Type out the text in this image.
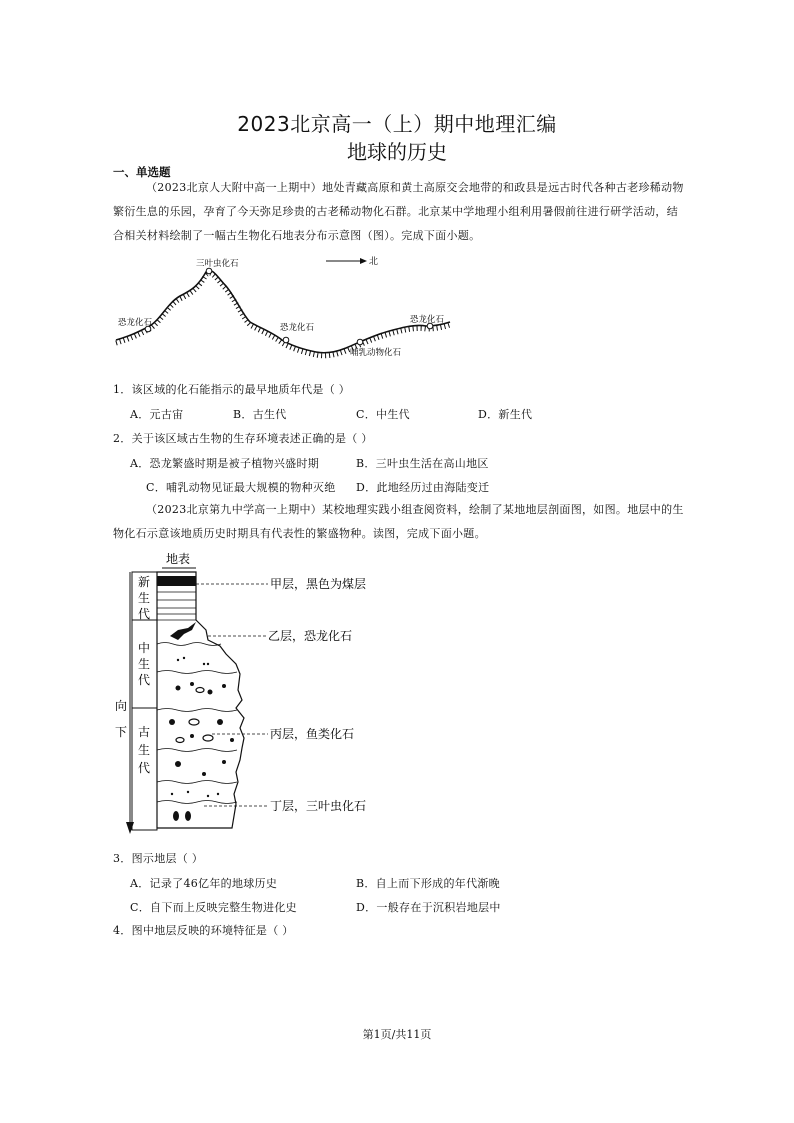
2023北京高一（上）期中地理汇编
地球的历史
一、单选题
（2023北京人大附中高一上期中）地处青藏高原和黄土高原交会地带的和政县是远古时代各种古老珍稀动物繁衍生息的乐园，孕育了今天弥足珍贵的古老稀动物化石群。北京某中学地理小组利用暑假前往进行研学活动，结合相关材料绘制了一幅古生物化石地表分布示意图（图）。完成下面小题。
三叶虫化石
恐龙化石	恐龙化石
哺乳动物化石
恐龙化石
北
1．该区域的化石能指示的最早地质年代是（ ）
A．元古宙	B．古生代	C．中生代	D．新生代
2．关于该区域古生物的生存环境表述正确的是（ ）
A．恐龙繁盛时期是被子植物兴盛时期	B．三叶虫生活在高山地区
C．哺乳动物见证最大规模的物种灭绝 D．此地经历过由海陆变迁
（2023北京第九中学高一上期中）某校地理实践小组查阅资料，绘制了某地地层剖面图，如图。地层中的生物化石示意该地质历史时期具有代表性的繁盛物种。读图，完成下面小题。
地表
向
下
新
生
代
中
生
代
古
生
代
甲层，黑色为煤层
乙层，恐龙化石
丙层，鱼类化石
丁层，三叶虫化石
3．图示地层（ ）
A．记录了46亿年的地球历史	B．自上而下形成的年代渐晚
C．自下而上反映完整生物进化史	D．一般存在于沉积岩地层中
4．图中地层反映的环境特征是（ ）
第1页/共11页
